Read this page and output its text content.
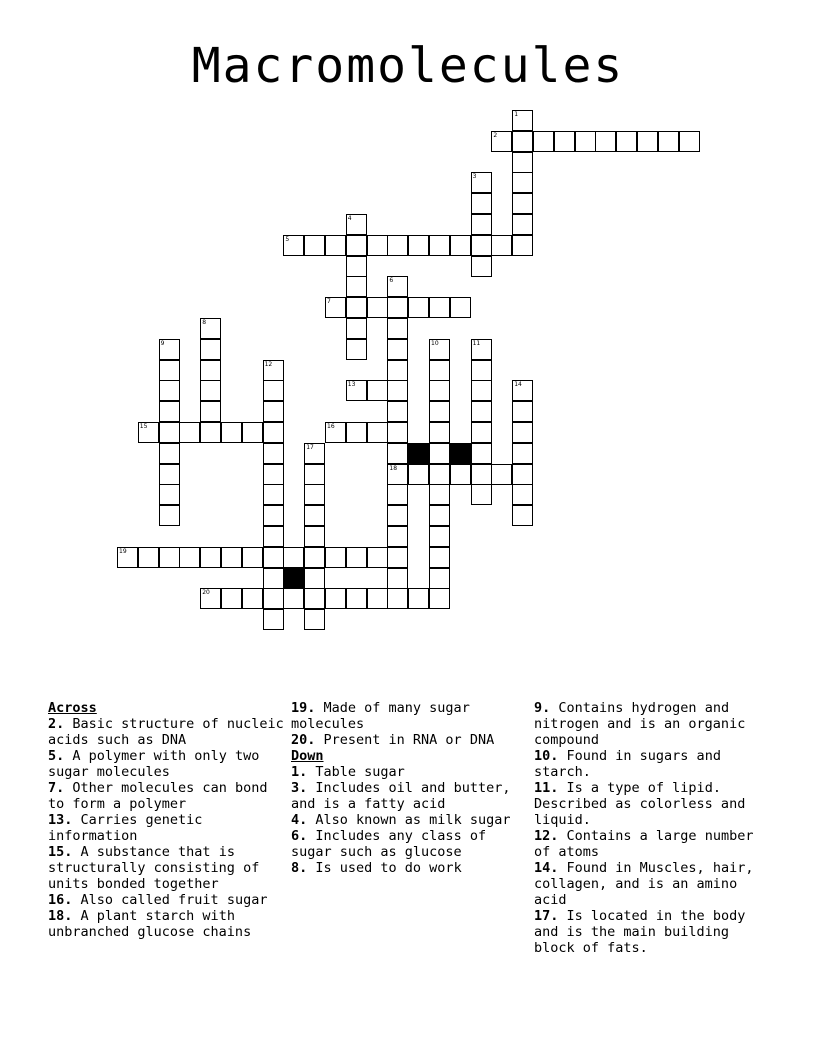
Macromolecules
2
5
7
13
15	16
18
19
20
1
3
4
6
8
9	10	11
12
14
17
Across
2. Basic structure of nucleic acids such as DNA
5. A polymer with only two sugar molecules
7. Other molecules can bond to form a polymer
13. Carries genetic information
15. A substance that is structurally consisting of units bonded together
16. Also called fruit sugar
18. A plant starch with unbranched glucose chains
19. Made of many sugar molecules
20. Present in RNA or DNA
Down
1. Table sugar
3. Includes oil and butter, and is a fatty acid
4. Also known as milk sugar
6. Includes any class of sugar such as glucose
8. Is used to do work
9. Contains hydrogen and nitrogen and is an organic compound
10. Found in sugars and starch.
11. Is a type of lipid. Described as colorless and liquid.
12. Contains a large number of atoms
14. Found in Muscles, hair, collagen, and is an amino acid
17. Is located in the body and is the main building block of fats.
